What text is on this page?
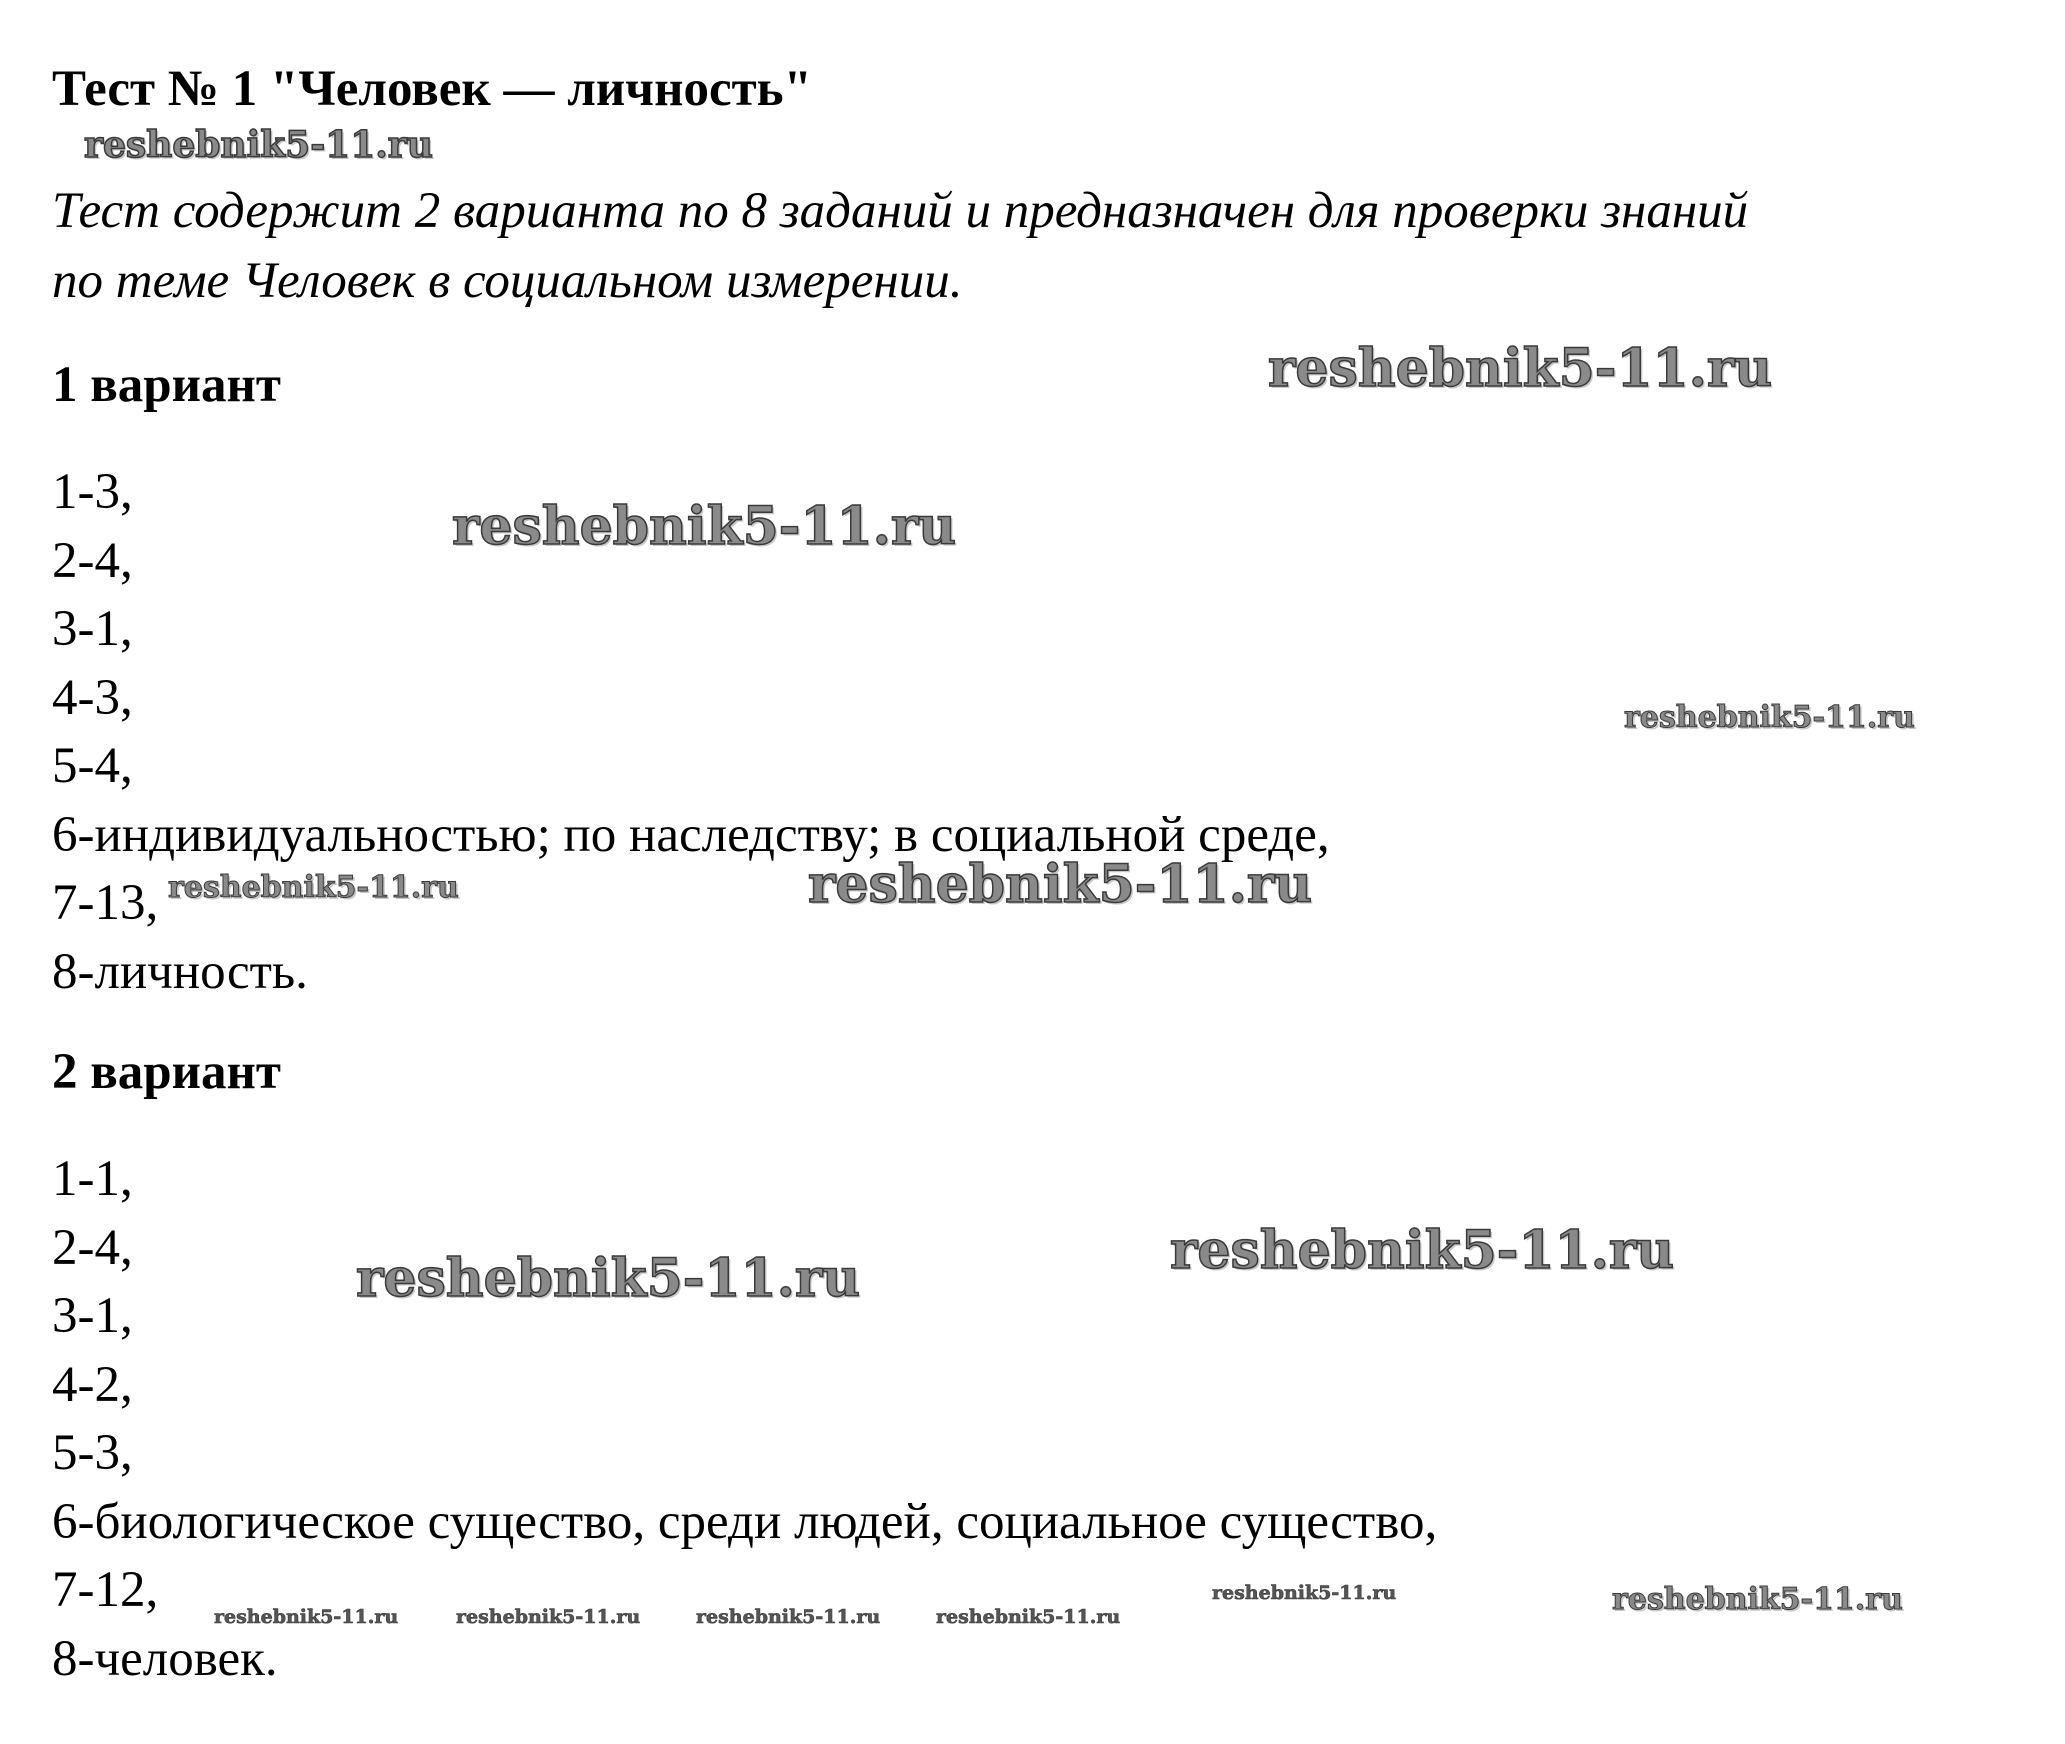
Тест № 1 "Человек — личность"
Тест содержит 2 варианта по 8 заданий и предназначен для проверки знаний
по теме Человек в социальном измерении.
1 вариант
1-3,
2-4,
3-1,
4-3,
5-4,
6-индивидуальностью; по наследству; в социальной среде,
7-13,
8-личность.
2 вариант
1-1,
2-4,
3-1,
4-2,
5-3,
6-биологическое существо, среди людей, социальное существо,
7-12,
8-человек.
reshebnik5-11.ru
reshebnik5-11.ru
reshebnik5-11.ru
reshebnik5-11.ru
reshebnik5-11.ru	reshebnik5-11.ru
reshebnik5-11.ru
reshebnik5-11.ru
reshebnik5-11.ru	reshebnik5-11.ru
reshebnik5-11.ru	reshebnik5-11.ru	reshebnik5-11.ru	reshebnik5-11.ru
